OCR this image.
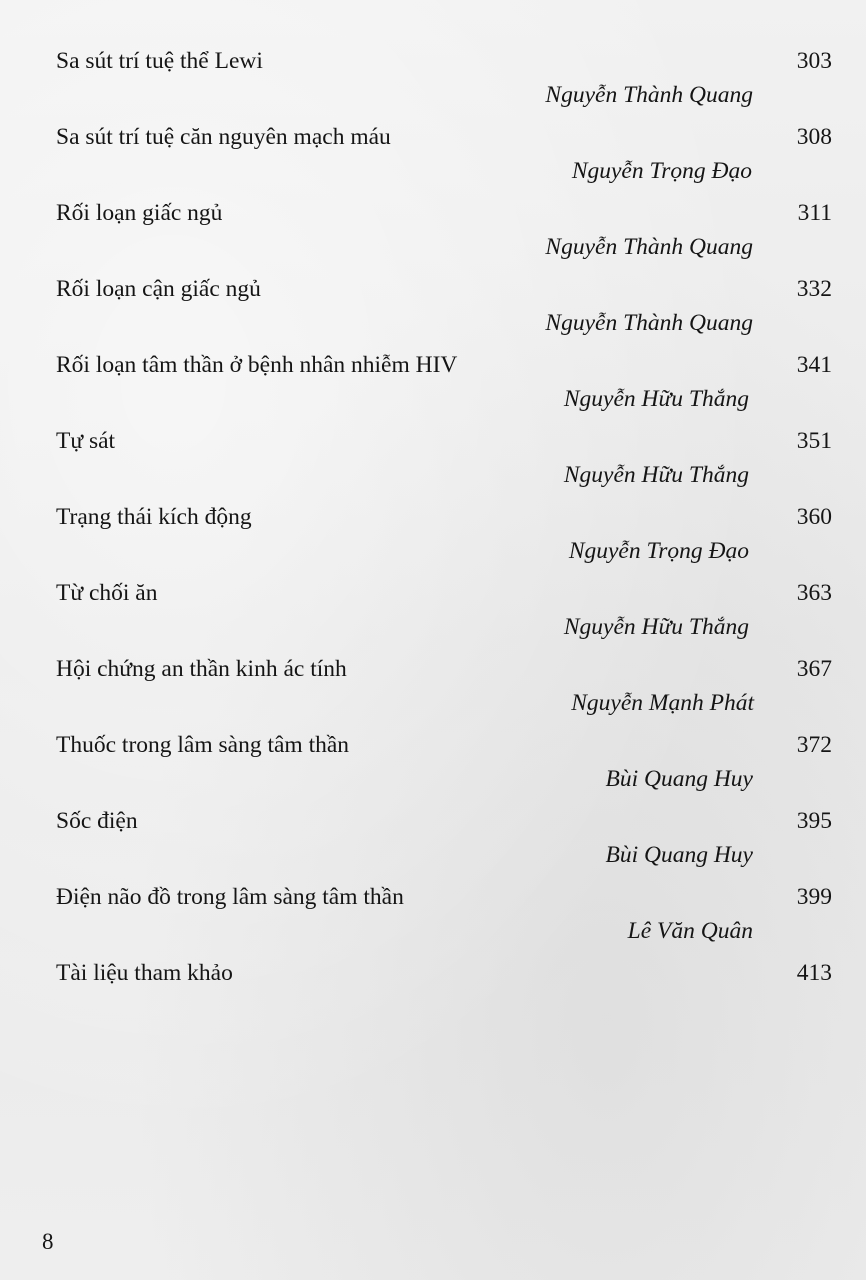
Sa sút trí tuệ thể Lewi	303
Nguyễn Thành Quang
Sa sút trí tuệ căn nguyên mạch máu	308
Nguyễn Trọng Đạo
Rối loạn giấc ngủ	311
Nguyễn Thành Quang
Rối loạn cận giấc ngủ	332
Nguyễn Thành Quang
Rối loạn tâm thần ở bệnh nhân nhiễm HIV	341
Nguyễn Hữu Thắng
Tự sát	351
Nguyễn Hữu Thắng
Trạng thái kích động	360
Nguyễn Trọng Đạo
Từ chối ăn	363
Nguyễn Hữu Thắng
Hội chứng an thần kinh ác tính	367
Nguyễn Mạnh Phát
Thuốc trong lâm sàng tâm thần	372
Bùi Quang Huy
Sốc điện	395
Bùi Quang Huy
Điện não đồ trong lâm sàng tâm thần	399
Lê Văn Quân
Tài liệu tham khảo	413
8
